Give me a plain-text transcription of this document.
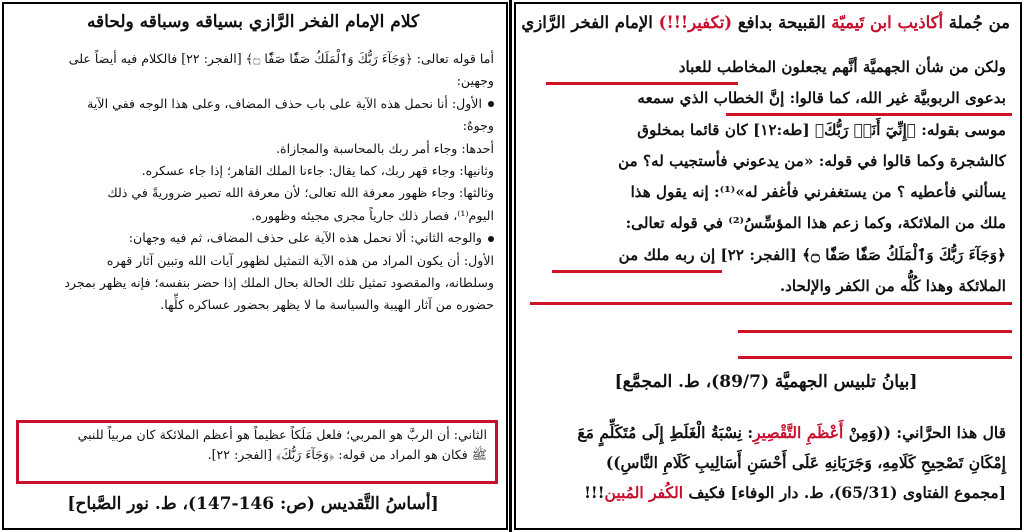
من جُملة أكاذيب ابن تَيميّة القبيحة بدافع (تكفير!!!) الإمام الفخر الرَّازي

ولكن من شأن الجهميَّة أنَّهم يجعلون المخاطب للعباد

بدعوى الربوبيَّة غير الله، كما قالوا: إنَّ الخطاب الذي سمعه

موسى بقوله: ﴿إِنِّيٓ أَنَا۠ رَبُّكَ﴾ [طه:١٢] كان قائما بمخلوق

كالشجرة وكما قالوا في قوله: «من يدعوني فأستجيب له؟ من

يسألني فأعطيه ؟ من يستغفرني فأغفر له»⁽¹⁾: إنه يقول هذا

ملك من الملائكة، وكما زعم هذا المؤسِّسُ⁽²⁾ في قوله تعالى:

﴿وَجَآءَ رَبُّكَ وَٱلْمَلَكُ صَفّٗا صَفّٗا ۝﴾ [الفجر: ٢٢] إن ربه ملك من

الملائكة وهذا كُلُّه من الكفر والإلحاد.

[بيانُ تلبيس الجهميَّة (89/7)، ط. المجمَّع]

قال هذا الحرَّاني: ((وَمِنْ أَعْظَمِ التَّقْصِيرِ: نِسْبَةُ الْغَلَطِ إِلَى مُتَكَلِّمٍ مَعَ

إِمْكَانِ تَصْحِيحِ كَلَامِهِ، وَجَرَيَانِهِ عَلَى أَحْسَنِ أَسَالِيبِ كَلَامِ النَّاسِ))

[مجموع الفتاوى (65/31)، ط. دار الوفاء] فكيف الكُفر المُبين!!!

كلام الإمام الفخر الرَّازي بسياقه وسباقه ولحاقه

أما قوله تعالى: ﴿وَجَآءَ رَبُّكَ وَٱلْمَلَكُ صَفّٗا صَفّٗا ۝﴾ [الفجر: ٢٢] فالكلام فيه أيضاً على

وجهين:

الأول: أنا نحمل هذه الآية على باب حذف المضاف، وعلى هذا الوجه ففي الآية

وجوهٌ:

أحدها: وجاء أمر ربك بالمحاسبة والمجازاة.

وثانيها: وجاء قهر ربك، كما يقال: جاءنا الملك القاهر؛ إذا جاء عسكره.

وثالثها: وجاء ظهور معرفة الله تعالى؛ لأن معرفة الله تصير ضروريةً في ذلك

اليوم⁽¹⁾، فصار ذلك جارياً مجرى مجيئه وظهوره.

والوجه الثاني: ألا نحمل هذه الآية على حذف المضاف، ثم فيه وجهان:

الأول: أن يكون المراد من هذه الآية التمثيل لظهور آيات الله وتبين آثار قهره

وسلطانه، والمقصود تمثيل تلك الحالة بحال الملك إذا حضر بنفسه؛ فإنه يظهر بمجرد

حضوره من آثار الهيبة والسياسة ما لا يظهر بحضور عساكره كلِّها.

الثاني: أن الربَّ هو المربي؛ فلعل مَلَكاً عظيماً هو أعظم الملائكة كان مربياً للنبي

ﷺ فكان هو المراد من قوله: ﴿وَجَآءَ رَبُّكَ﴾ [الفجر: ٢٢].

[أساسُ التَّقديس (ص: 146-147)، ط. نور الصَّباح]
